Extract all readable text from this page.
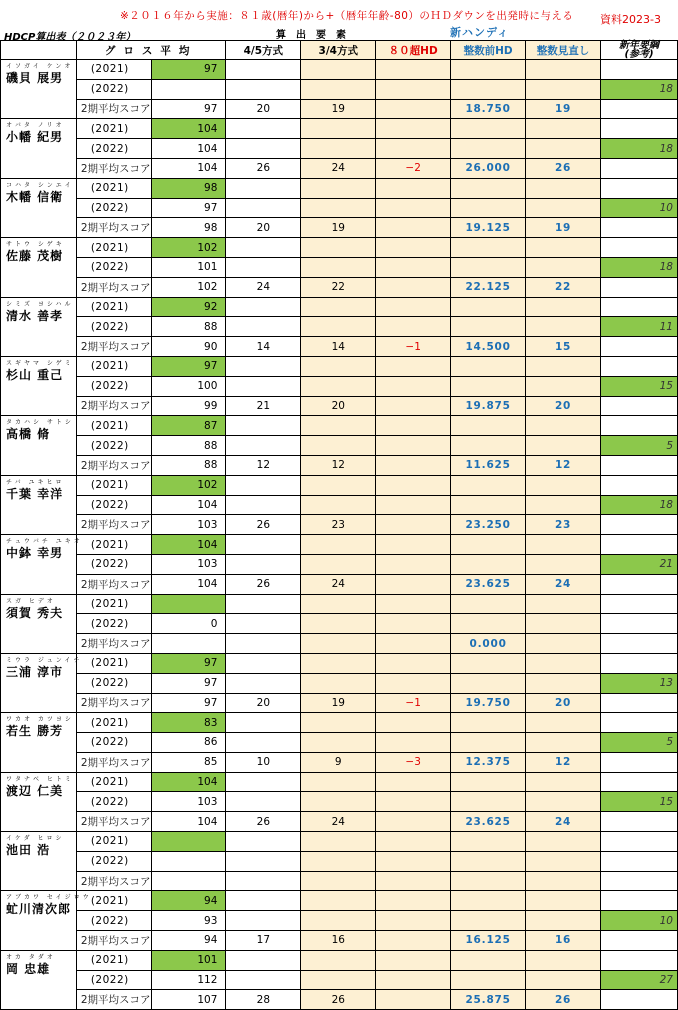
※２０１６年から実施：８１歳(暦年)から+（暦年年齢-80）のＨＤダウンを出発時に与える 資料2023-3
HDCP算出表（２０２３年）	算出要素	新ハンディ
	グロス平均		4/5方式	3/4方式	８０超HD	整数前HD	整数見直し	新年要綱
(参考)

イソガイ ケンオ
磯貝 展男	(2021)	97						
	(2022)							18
	2期平均スコア	97	20	19		18.750	19	

オバタ ノリオ
小幡 紀男	(2021)	104						
	(2022)	104						18
	2期平均スコア	104	26	24	−2	26.000	26	

コハタ シンエイ
木幡 信衛	(2021)	98						
	(2022)	97						10
	2期平均スコア	98	20	19		19.125	19	

サトウ シゲキ
佐藤 茂樹	(2021)	102						
	(2022)	101						18
	2期平均スコア	102	24	22		22.125	22	

シミズ ヨシハル
清水 善孝	(2021)	92						
	(2022)	88						11
	2期平均スコア	90	14	14	−1	14.500	15	

スギヤマ シゲミ
杉山 重己	(2021)	97						
	(2022)	100						15
	2期平均スコア	99	21	20		19.875	20	

タカハシ サトシ
高橋 脩	(2021)	87						
	(2022)	88						5
	2期平均スコア	88	12	12		11.625	12	

チバ ユキヒロ
千葉 幸洋	(2021)	102						
	(2022)	104						18
	2期平均スコア	103	26	23		23.250	23	

チュウバチ ユキオ
中鉢 幸男	(2021)	104						
	(2022)	103						21
	2期平均スコア	104	26	24		23.625	24	

スガ ヒデオ
須賀 秀夫	(2021)							
	(2022)	0						
	2期平均スコア					0.000		

ミウラ ジュンイチ
三浦 淳市	(2021)	97						
	(2022)	97						13
	2期平均スコア	97	20	19	−1	19.750	20	

ワカオ カツヨシ
若生 勝芳	(2021)	83						
	(2022)	86						5
	2期平均スコア	85	10	9	−3	12.375	12	

ワタナベ ヒトミ
渡辺 仁美	(2021)	104						
	(2022)	103						15
	2期平均スコア	104	26	24		23.625	24	

イケダ ヒロシ
池田 浩	(2021)							
	(2022)							
	2期平均スコア							

アブカワ セイジロウ
虻川清次郎	(2021)	94						
	(2022)	93						10
	2期平均スコア	94	17	16		16.125	16	

オカ タダオ
岡 忠雄	(2021)	101						
	(2022)	112						27
	2期平均スコア	107	28	26		25.875	26	
